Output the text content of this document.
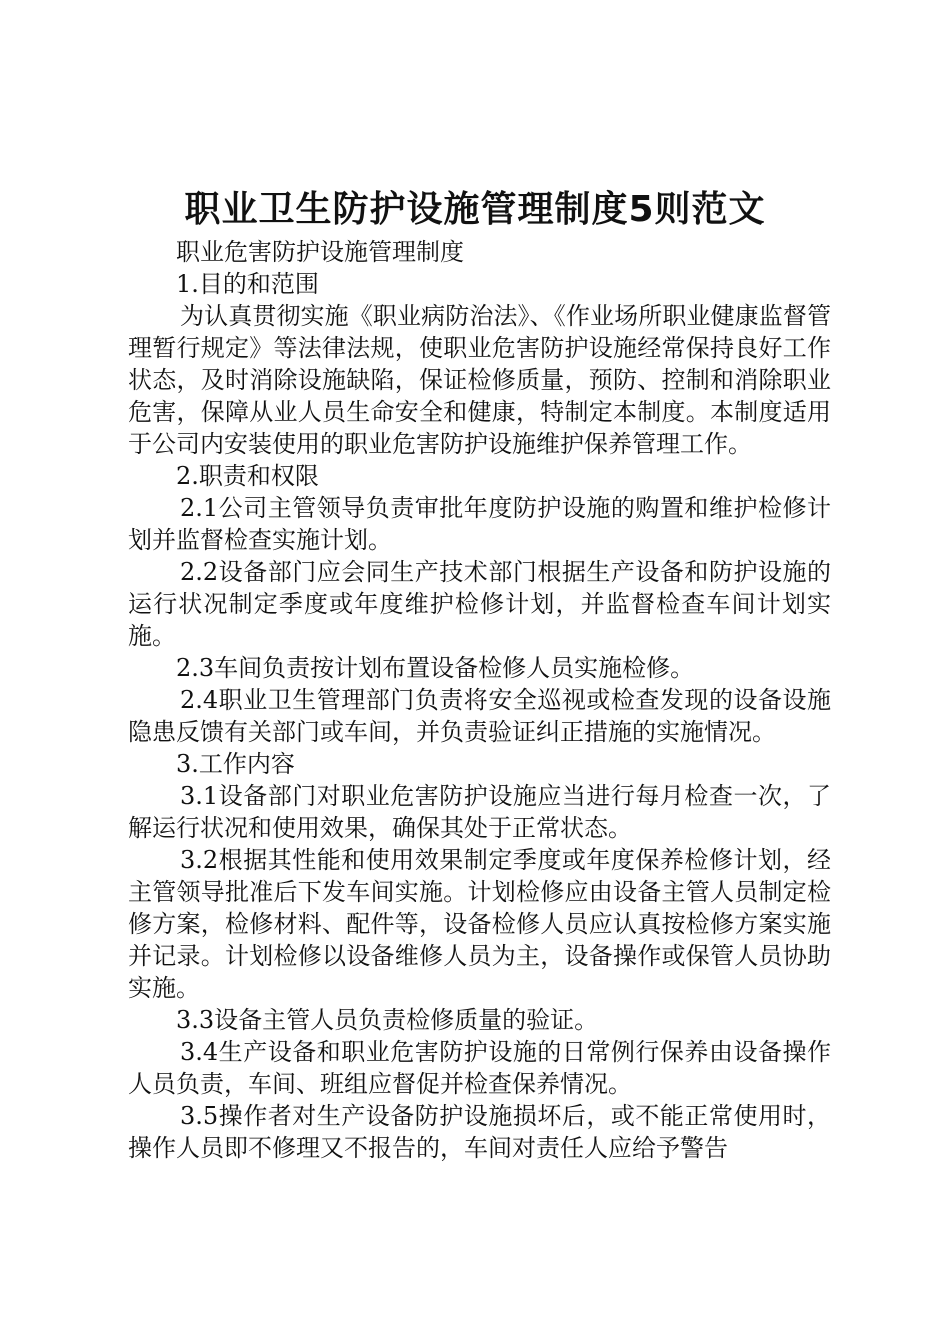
职业卫生防护设施管理制度5则范文

职业危害防护设施管理制度

1.目的和范围

为认真贯彻实施《职业病防治法》、《作业场所职业健康监督管理暂行规定》等法律法规，使职业危害防护设施经常保持良好工作状态，及时消除设施缺陷，保证检修质量，预防、控制和消除职业危害，保障从业人员生命安全和健康，特制定本制度。本制度适用于公司内安装使用的职业危害防护设施维护保养管理工作。

2.职责和权限

2.1公司主管领导负责审批年度防护设施的购置和维护检修计划并监督检查实施计划。

2.2设备部门应会同生产技术部门根据生产设备和防护设施的运行状况制定季度或年度维护检修计划，并监督检查车间计划实施。

2.3车间负责按计划布置设备检修人员实施检修。

2.4职业卫生管理部门负责将安全巡视或检查发现的设备设施隐患反馈有关部门或车间，并负责验证纠正措施的实施情况。

3.工作内容

3.1设备部门对职业危害防护设施应当进行每月检查一次，了解运行状况和使用效果，确保其处于正常状态。

3.2根据其性能和使用效果制定季度或年度保养检修计划，经主管领导批准后下发车间实施。计划检修应由设备主管人员制定检修方案，检修材料、配件等，设备检修人员应认真按检修方案实施并记录。计划检修以设备维修人员为主，设备操作或保管人员协助实施。

3.3设备主管人员负责检修质量的验证。

3.4生产设备和职业危害防护设施的日常例行保养由设备操作人员负责，车间、班组应督促并检查保养情况。

3.5操作者对生产设备防护设施损坏后，或不能正常使用时，操作人员即不修理又不报告的，车间对责任人应给予警告
